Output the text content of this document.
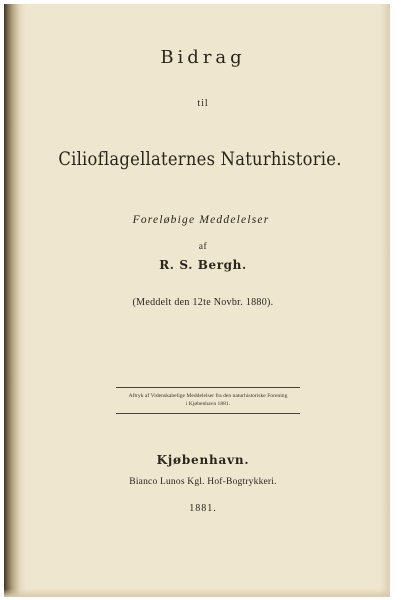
Bidrag
til
Cilioflagellaternes Naturhistorie.
Foreløbige Meddelelser
af
R. S. Bergh.
(Meddelt den 12te Novbr. 1880).
Aftryk af Videnskabelige Meddelelser fra den naturhistoriske Forening
i Kjøbenhavn 1881.
Kjøbenhavn.
Bianco Lunos Kgl. Hof-Bogtrykkeri.
1881.
